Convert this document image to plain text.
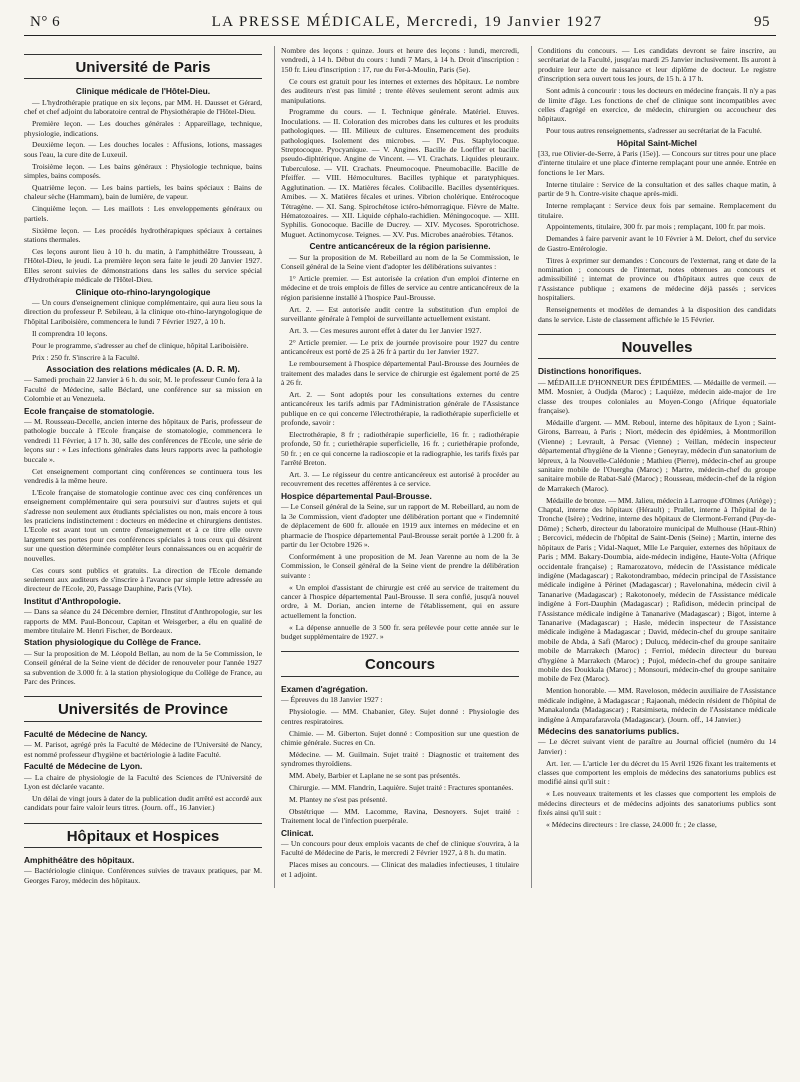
N° 6	LA PRESSE MÉDICALE, Mercredi, 19 Janvier 1927	95
Université de Paris
Clinique médicale de l'Hôtel-Dieu.

— L'hydrothérapie pratique en six leçons, par MM. H. Dausset et Gérard, chef et chef adjoint du laboratoire central de Physiothérapie de l'Hôtel-Dieu.

Première leçon. — Les douches générales : Appareillage, technique, physiologie, indications.

Deuxième leçon. — Les douches locales : Affusions, lotions, massages sous l'eau, la cure dite de Luxeuil.

Troisième leçon. — Les bains généraux : Physiologie technique, bains simples, bains composés.

Quatrième leçon. — Les bains partiels, les bains spéciaux : Bains de chaleur sèche (Hammam), bain de lumière, de vapeur.

Cinquième leçon. — Les maillots : Les enveloppements généraux ou partiels.

Sixième leçon. — Les procédés hydrothérapiques spéciaux à certaines stations thermales.

Ces leçons auront lieu à 10 h. du matin, à l'amphithéâtre Trousseau, à l'Hôtel-Dieu, le jeudi. La première leçon sera faite le jeudi 20 Janvier 1927. Elles seront suivies de démonstrations dans les salles du service spécial d'Hydrothérapie médicale de l'Hôtel-Dieu.

Clinique oto-rhino-laryngologique

— Un cours d'enseignement clinique complémentaire, qui aura lieu sous la direction du professeur P. Sebileau, à la clinique oto-rhino-laryngologique de l'hôpital Lariboisière, commencera le lundi 7 Février 1927, à 10 h.

Il comprendra 10 leçons.

Pour le programme, s'adresser au chef de clinique, hôpital Lariboisière.

Prix : 250 fr. S'inscrire à la Faculté.

Association des relations médicales (A. D. R. M).

— Samedi prochain 22 Janvier à 6 h. du soir, M. le professeur Cunéo fera à la Faculté de Médecine, salle Béclard, une conférence sur sa mission en Colombie et au Venezuela.

Ecole française de stomatologie.

— M. Rousseau-Decelle, ancien interne des hôpitaux de Paris, professeur de pathologie buccale à l'Ecole française de stomatologie, commencera le vendredi 11 Février, à 17 h. 30, salle des conférences de l'Ecole, une série de leçons sur : « Les infections générales dans leurs rapports avec la pathologie buccale ».

Cet enseignement comportant cinq conférences se continuera tous les vendredis à la même heure.

L'Ecole française de stomatologie continue avec ces cinq conférences un enseignement complémentaire qui sera poursuivi sur d'autres sujets et qui s'adresse non seulement aux étudiants spécialistes ou non, mais encore à tous les praticiens indistinctement : docteurs en médecine et chirurgiens dentistes. L'Ecole est avant tout un centre d'enseignement et à ce titre elle ouvre largement ses portes pour ces conférences spéciales à tous ceux qui désirent sur une question déterminée compléter leurs connaissances ou en acquérir de nouvelles.

Ces cours sont publics et gratuits. La direction de l'Ecole demande seulement aux auditeurs de s'inscrire à l'avance par simple lettre adressée au directeur de l'Ecole, 20, Passage Dauphine, Paris (VIe).

Institut d'Anthropologie.

— Dans sa séance du 24 Décembre dernier, l'Institut d'Anthropologie, sur les rapports de MM. Paul-Boncour, Capitan et Weisgerber, a élu en qualité de membre titulaire M. Henri Fischer, de Bordeaux.

Station physiologique du Collège de France.

— Sur la proposition de M. Léopold Bellan, au nom de la 5e Commission, le Conseil général de la Seine vient de décider de renouveler pour l'année 1927 sa subvention de 3.000 fr. à la station physiologique du Collège de France, au Parc des Princes.

Universités de Province
Faculté de Médecine de Nancy.

— M. Parisot, agrégé près la Faculté de Médecine de l'Université de Nancy, est nommé professeur d'hygiène et bactériologie à ladite Faculté.

Faculté de Médecine de Lyon.

— La chaire de physiologie de la Faculté des Sciences de l'Université de Lyon est déclarée vacante.

Un délai de vingt jours à dater de la publication dudit arrêté est accordé aux candidats pour faire valoir leurs titres. (Journ. off., 16 Janvier.)

Hôpitaux et Hospices
Amphithéâtre des hôpitaux.

— Bactériologie clinique. Conférences suivies de travaux pratiques, par M. Georges Faroy, médecin des hôpitaux.

Nombre des leçons : quinze. Jours et heure des leçons : lundi, mercredi, vendredi, à 14 h. Début du cours : lundi 7 Mars, à 14 h. Droit d'inscription : 150 fr. Lieu d'inscription : 17, rue du Fer-à-Moulin, Paris (5e).

Ce cours est gratuit pour les internes et externes des hôpitaux. Le nombre des auditeurs n'est pas limité ; trente élèves seulement seront admis aux manipulations.

Programme du cours. — I. Technique générale. Matériel. Etuves. Inoculations. — II. Coloration des microbes dans les cultures et les produits pathologiques. — III. Milieux de cultures. Ensemencement des produits pathologiques. Isolement des microbes. — IV. Pus. Staphylocoque. Streptocoque. Pyocyanique. — V. Angines. Bacille de Loeffler et bacille pseudo-diphtérique. Angine de Vincent. — VI. Crachats. Liquides pleuraux. Tuberculose. — VII. Crachats. Pneumocoque. Pneumobacille. Bacille de Pfeiffer. — VIII. Hémocultures. Bacilles typhique et paratyphiques. Agglutination. — IX. Matières fécales. Colibacille. Bacilles dysentériques. Amibes. — X. Matières fécales et urines. Vibrion cholérique. Entérocoque Tétragène. — XI. Sang. Spirochétose ictéro-hémorragique. Fièvre de Malte. Hématozoaires. — XII. Liquide céphalo-rachidien. Méningocoque. — XIII. Syphilis. Gonocoque. Bacille de Ducrey. — XIV. Mycoses. Sporotrichose. Muguet. Actinomycose. Teignes. — XV. Pus. Microbes anaérobies. Tétanos.

Centre anticancéreux de la région parisienne.

— Sur la proposition de M. Rebeillard au nom de la 5e Commission, le Conseil général de la Seine vient d'adopter les délibérations suivantes :

1° Article premier. — Est autorisée la création d'un emploi d'interne en médecine et de trois emplois de filles de service au centre anticancéreux de la région parisienne installé à l'hospice Paul-Brousse.

Art. 2. — Est autorisée audit centre la substitution d'un emploi de surveillante générale à l'emploi de surveillante actuellement existant.

Art. 3. — Ces mesures auront effet à dater du 1er Janvier 1927.

2° Article premier. — Le prix de journée provisoire pour 1927 du centre anticancéreux est porté de 25 à 26 fr à partir du 1er Janvier 1927.

Le remboursement à l'hospice départemental Paul-Brousse des Journées de traitement des malades dans le service de chirurgie est également porté de 25 à 26 fr.

Art. 2. — Sont adoptés pour les consultations externes du centre anticancéreux les tarifs admis par l'Administration générale de l'Assistance publique en ce qui concerne l'électrothérapie, la radiothérapie superficielle et profonde, savoir :

Electrothérapie, 8 fr ; radiothérapie superficielle, 16 fr. ; radiothérapie profonde, 50 fr. ; curiethérapie superficielle, 16 fr. ; curiethérapie profonde, 50 fr. ; en ce qui concerne la radioscopie et la radiographie, les tarifs fixés par l'arrêté Breton.

Art. 3. — Le régisseur du centre anticancéreux est autorisé à procéder au recouvrement des recettes afférentes à ce service.

Hospice départemental Paul-Brousse.

— Le Conseil général de la Seine, sur un rapport de M. Rebeillard, au nom de la 3e Commission, vient d'adopter une délibération portant que « l'indemnité de déplacement de 600 fr. allouée en 1919 aux internes en médecine et en pharmacie de l'hospice départemental Paul-Brousse serait portée à 1.200 fr. à partir du 1er Octobre 1926 ».

Conformément à une proposition de M. Jean Varenne au nom de la 3e Commission, le Conseil général de la Seine vient de prendre la délibération suivante :

« Un emploi d'assistant de chirurgie est créé au service de traitement du cancer à l'hospice départemental Paul-Brousse. Il sera confié, jusqu'à nouvel ordre, à M. Dorian, ancien interne de l'établissement, qui en assure actuellement la fonction.

« La dépense annuelle de 3 500 fr. sera prélevée pour cette année sur le budget supplémentaire de 1927. »

Concours
Examen d'agrégation.

— Épreuves du 18 Janvier 1927 :

Physiologie. — MM. Chabanier, Gley. Sujet donné : Physiologie des centres respiratoires.

Chimie. — M. Giberton. Sujet donné : Composition sur une question de chimie générale. Sucres en Cn.

Médecine. — M. Guilmain. Sujet traité : Diagnostic et traitement des syndromes thyroïdiens.

MM. Abely, Barbier et Laplane ne se sont pas présentés.

Chirurgie. — MM. Flandrin, Laquière. Sujet traité : Fractures spontanées.

M. Plantey ne s'est pas présenté.

Obstétrique — MM. Lacomme, Ravina, Desnoyers. Sujet traité : Traitement local de l'infection puerpérale.

Clinicat.

— Un concours pour deux emplois vacants de chef de clinique s'ouvrira, à la Faculté de Médecine de Paris, le mercredi 2 Février 1927, à 8 h. du matin.

Places mises au concours. — Clinicat des maladies infectieuses, 1 titulaire et 1 adjoint.

Conditions du concours. — Les candidats devront se faire inscrire, au secrétariat de la Faculté, jusqu'au mardi 25 Janvier inclusivement. Ils auront à produire leur acte de naissance et leur diplôme de docteur. Le registre d'inscription sera ouvert tous les jours, de 15 h. à 17 h.

Sont admis à concourir : tous les docteurs en médecine français. Il n'y a pas de limite d'âge. Les fonctions de chef de clinique sont incompatibles avec celles d'agrégé en exercice, de médecin, chirurgien ou accoucheur des hôpitaux.

Pour tous autres renseignements, s'adresser au secrétariat de la Faculté.

Hôpital Saint-Michel

[33, rue Olivier-de-Serre, à Paris (15e)]. — Concours sur titres pour une place d'interne titulaire et une place d'interne remplaçant pour une année. Entrée en fonctions le 1er Mars.

Interne titulaire : Service de la consultation et des salles chaque matin, à partir de 9 h. Contre-visite chaque après-midi.

Interne remplaçant : Service deux fois par semaine. Remplacement du titulaire.

Appointements, titulaire, 300 fr. par mois ; remplaçant, 100 fr. par mois.

Demandes à faire parvenir avant le 10 Février à M. Delort, chef du service de Gastro-Entérologie.

Titres à exprimer sur demandes : Concours de l'externat, rang et date de la nomination ; concours de l'internat, notes obtenues au concours et admissibilité ; internat de province ou d'hôpitaux autres que ceux de l'Assistance publique ; examens de médecine déjà passés ; services hospitaliers.

Renseignements et modèles de demandes à la disposition des candidats dans le service. Liste de classement affichée le 15 Février.

Nouvelles
Distinctions honorifiques.

— MÉDAILLE D'HONNEUR DES ÉPIDÉMIES. — Médaille de vermeil. — MM. Mosnier, à Oudjda (Maroc) ; Laquièze, médecin aide-major de 1re classe des troupes coloniales au Moyen-Congo (Afrique équatoriale française).

Médaille d'argent. — MM. Reboul, interne des hôpitaux de Lyon ; Saint-Girons, Barreau, à Paris ; Niort, médecin des épidémies, à Montmorillon (Vienne) ; Levrault, à Persac (Vienne) ; Veillan, médecin inspecteur départemental d'hygiène de la Vienne ; Geneyray, médecin d'un sanatorium de lépreux, à la Nouvelle-Calédonie ; Mathieu (Pierre), médecin-chef au groupe sanitaire mobile de l'Ouergha (Maroc) ; Martre, médecin-chef du groupe sanitaire mobile de Rabat-Salé (Maroc) ; Rousseau, médecin-chef de la région de Marrakech (Maroc).

Médaille de bronze. — MM. Jalieu, médecin à Larroque d'Olmes (Ariège) ; Chaptal, interne des hôpitaux (Hérault) ; Prallet, interne à l'hôpital de la Tronche (Isère) ; Vedrine, interne des hôpitaux de Clermont-Ferrand (Puy-de-Dôme) ; Scherb, directeur du laboratoire municipal de Mulhouse (Haut-Rhin) ; Bercovici, médecin de l'hôpital de Saint-Denis (Seine) ; Martin, interne des hôpitaux de Paris ; Vidal-Naquet, Mlle Le Parquier, externes des hôpitaux de Paris ; MM. Bakary-Doumbia, aide-médecin indigène, Haute-Volta (Afrique occidentale française) ; Ramarozatovo, médecin de l'Assistance médicale indigène (Madagascar) ; Rakotondrambao, médecin principal de l'Assistance médicale indigène à Périnet (Madagascar) ; Ravelonahina, médecin civil à Tananarive (Madagascar) ; Rakotonoely, médecin de l'Assistance médicale indigène à Fort-Dauphin (Madagascar) ; Rafidison, médecin principal de l'Assistance médicale indigène à Tananarive (Madagascar) ; Bigot, interne à Tananarive (Madagascar) ; Hasle, médecin inspecteur de l'Assistance médicale indigène à Madagascar ; David, médecin-chef du groupe sanitaire mobile de Abda, à Safi (Maroc) ; Dulucq, médecin-chef du groupe sanitaire mobile de Marrakech (Maroc) ; Ferriol, médecin directeur du bureau d'hygiène à Marrakech (Maroc) ; Pujol, médecin-chef du groupe sanitaire mobile des Doukkala (Maroc) ; Monsouri, médecin-chef du groupe sanitaire mobile de Fez (Maroc).

Mention honorable. — MM. Raveloson, médecin auxiliaire de l'Assistance médicale indigène, à Madagascar ; Rajaonah, médecin résident de l'hôpital de Manakalonda (Madagascar) ; Ratsimiseta, médecin de l'Assistance médicale indigène à Amparafaravola (Madagascar). (Journ. off., 14 Janvier.)

Médecins des sanatoriums publics.

— Le décret suivant vient de paraître au Journal officiel (numéro du 14 Janvier) :

Art. 1er. — L'article 1er du décret du 15 Avril 1926 fixant les traitements et classes que comportent les emplois de médecins des sanatoriums publics est modifié ainsi qu'il suit :

« Les nouveaux traitements et les classes que comportent les emplois de médecins directeurs et de médecins adjoints des sanatoriums publics sont fixés ainsi qu'il suit :

« Médecins directeurs : 1re classe, 24.000 fr. ; 2e classe,
